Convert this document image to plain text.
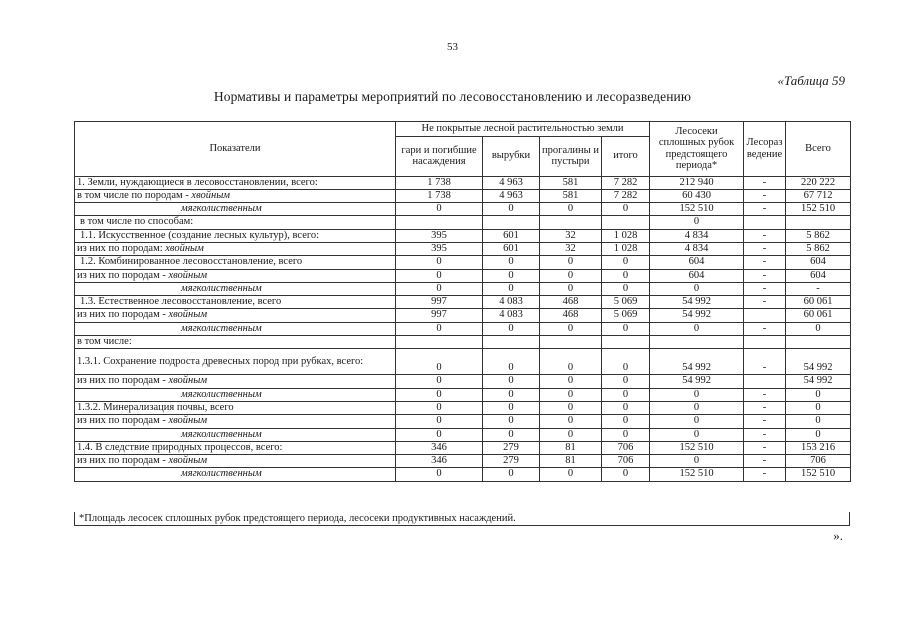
53
«Таблица 59
Нормативы и параметры мероприятий по лесовосстановлению и лесоразведению
Показатели	Не покрытые лесной растительностью земли				Лесосеки сплошных рубок предстоящего периода*	Лесоразведение	Всего
	гари и погибшие насаждения	вырубки	прогалины и пустыри	итого			
1. Земли, нуждающиеся в лесовосстановлении, всего:	1 738	4 963	581	7 282	212 940	-	220 222
в том числе по породам - хвойным	1 738	4 963	581	7 282	60 430	-	67 712
мягколиственным	0	0	0	0	152 510	-	152 510
в том числе по способам:					0		
1.1. Искусственное (создание лесных культур), всего:	395	601	32	1 028	4 834	-	5 862
из них по породам: хвойным	395	601	32	1 028	4 834	-	5 862
1.2. Комбинированное лесовосстановление, всего	0	0	0	0	604	-	604
из них по породам - хвойным	0	0	0	0	604	-	604
мягколиственным	0	0	0	0	0	-	-
1.3. Естественное лесовосстановление, всего	997	4 083	468	5 069	54 992	-	60 061
из них по породам - хвойным	997	4 083	468	5 069	54 992		60 061
мягколиственным	0	0	0	0	0	-	0
в том числе:							
1.3.1. Сохранение подроста древесных пород при рубках, всего:	0	0	0	0	54 992	-	54 992
из них по породам - хвойным	0	0	0	0	54 992		54 992
мягколиственным	0	0	0	0	0	-	0
1.3.2. Минерализация почвы, всего	0	0	0	0	0	-	0
из них по породам - хвойным	0	0	0	0	0	-	0
мягколиственным	0	0	0	0	0	-	0
1.4. В следствие природных процессов, всего:	346	279	81	706	152 510	-	153 216
из них по породам - хвойным	346	279	81	706	0	-	706
мягколиственным	0	0	0	0	152 510	-	152 510
*Площадь лесосек сплошных рубок предстоящего периода, лесосеки продуктивных насаждений.
».
